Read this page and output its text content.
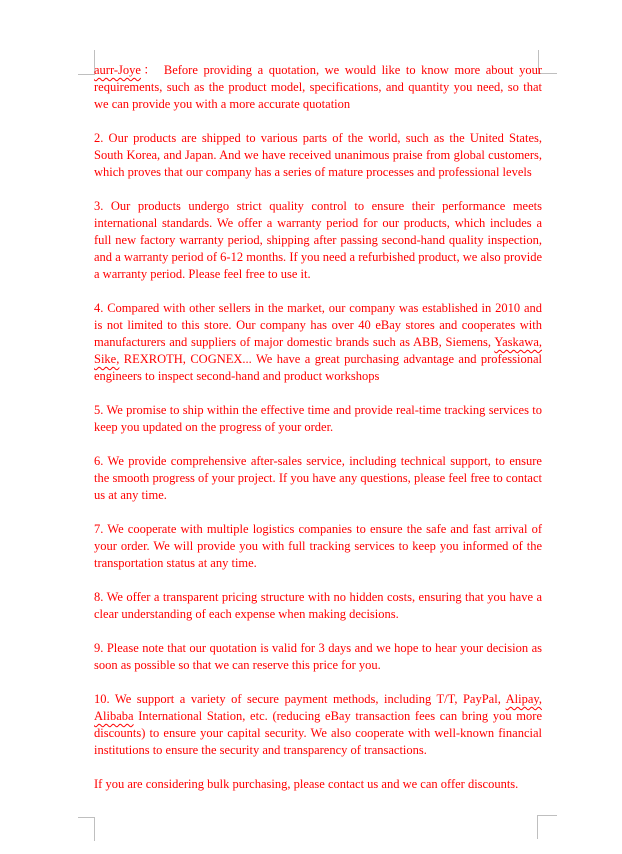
aurr-Joye： Before providing a quotation, we would like to know more about your requirements, such as the product model, specifications, and quantity you need, so that we can provide you with a more accurate quotation

2. Our products are shipped to various parts of the world, such as the United States, South Korea, and Japan. And we have received unanimous praise from global customers, which proves that our company has a series of mature processes and professional levels

3. Our products undergo strict quality control to ensure their performance meets international standards. We offer a warranty period for our products, which includes a full new factory warranty period, shipping after passing second-hand quality inspection, and a warranty period of 6-12 months. If you need a refurbished product, we also provide a warranty period. Please feel free to use it.

4. Compared with other sellers in the market, our company was established in 2010 and is not limited to this store. Our company has over 40 eBay stores and cooperates with manufacturers and suppliers of major domestic brands such as ABB, Siemens, Yaskawa, Sike, REXROTH, COGNEX... We have a great purchasing advantage and professional engineers to inspect second-hand and product workshops

5. We promise to ship within the effective time and provide real-time tracking services to keep you updated on the progress of your order.

6. We provide comprehensive after-sales service, including technical support, to ensure the smooth progress of your project. If you have any questions, please feel free to contact us at any time.

7. We cooperate with multiple logistics companies to ensure the safe and fast arrival of your order. We will provide you with full tracking services to keep you informed of the transportation status at any time.

8. We offer a transparent pricing structure with no hidden costs, ensuring that you have a clear understanding of each expense when making decisions.

9. Please note that our quotation is valid for 3 days and we hope to hear your decision as soon as possible so that we can reserve this price for you.

10. We support a variety of secure payment methods, including T/T, PayPal, Alipay, Alibaba International Station, etc. (reducing eBay transaction fees can bring you more discounts) to ensure your capital security. We also cooperate with well-known financial institutions to ensure the security and transparency of transactions.

If you are considering bulk purchasing, please contact us and we can offer discounts.
